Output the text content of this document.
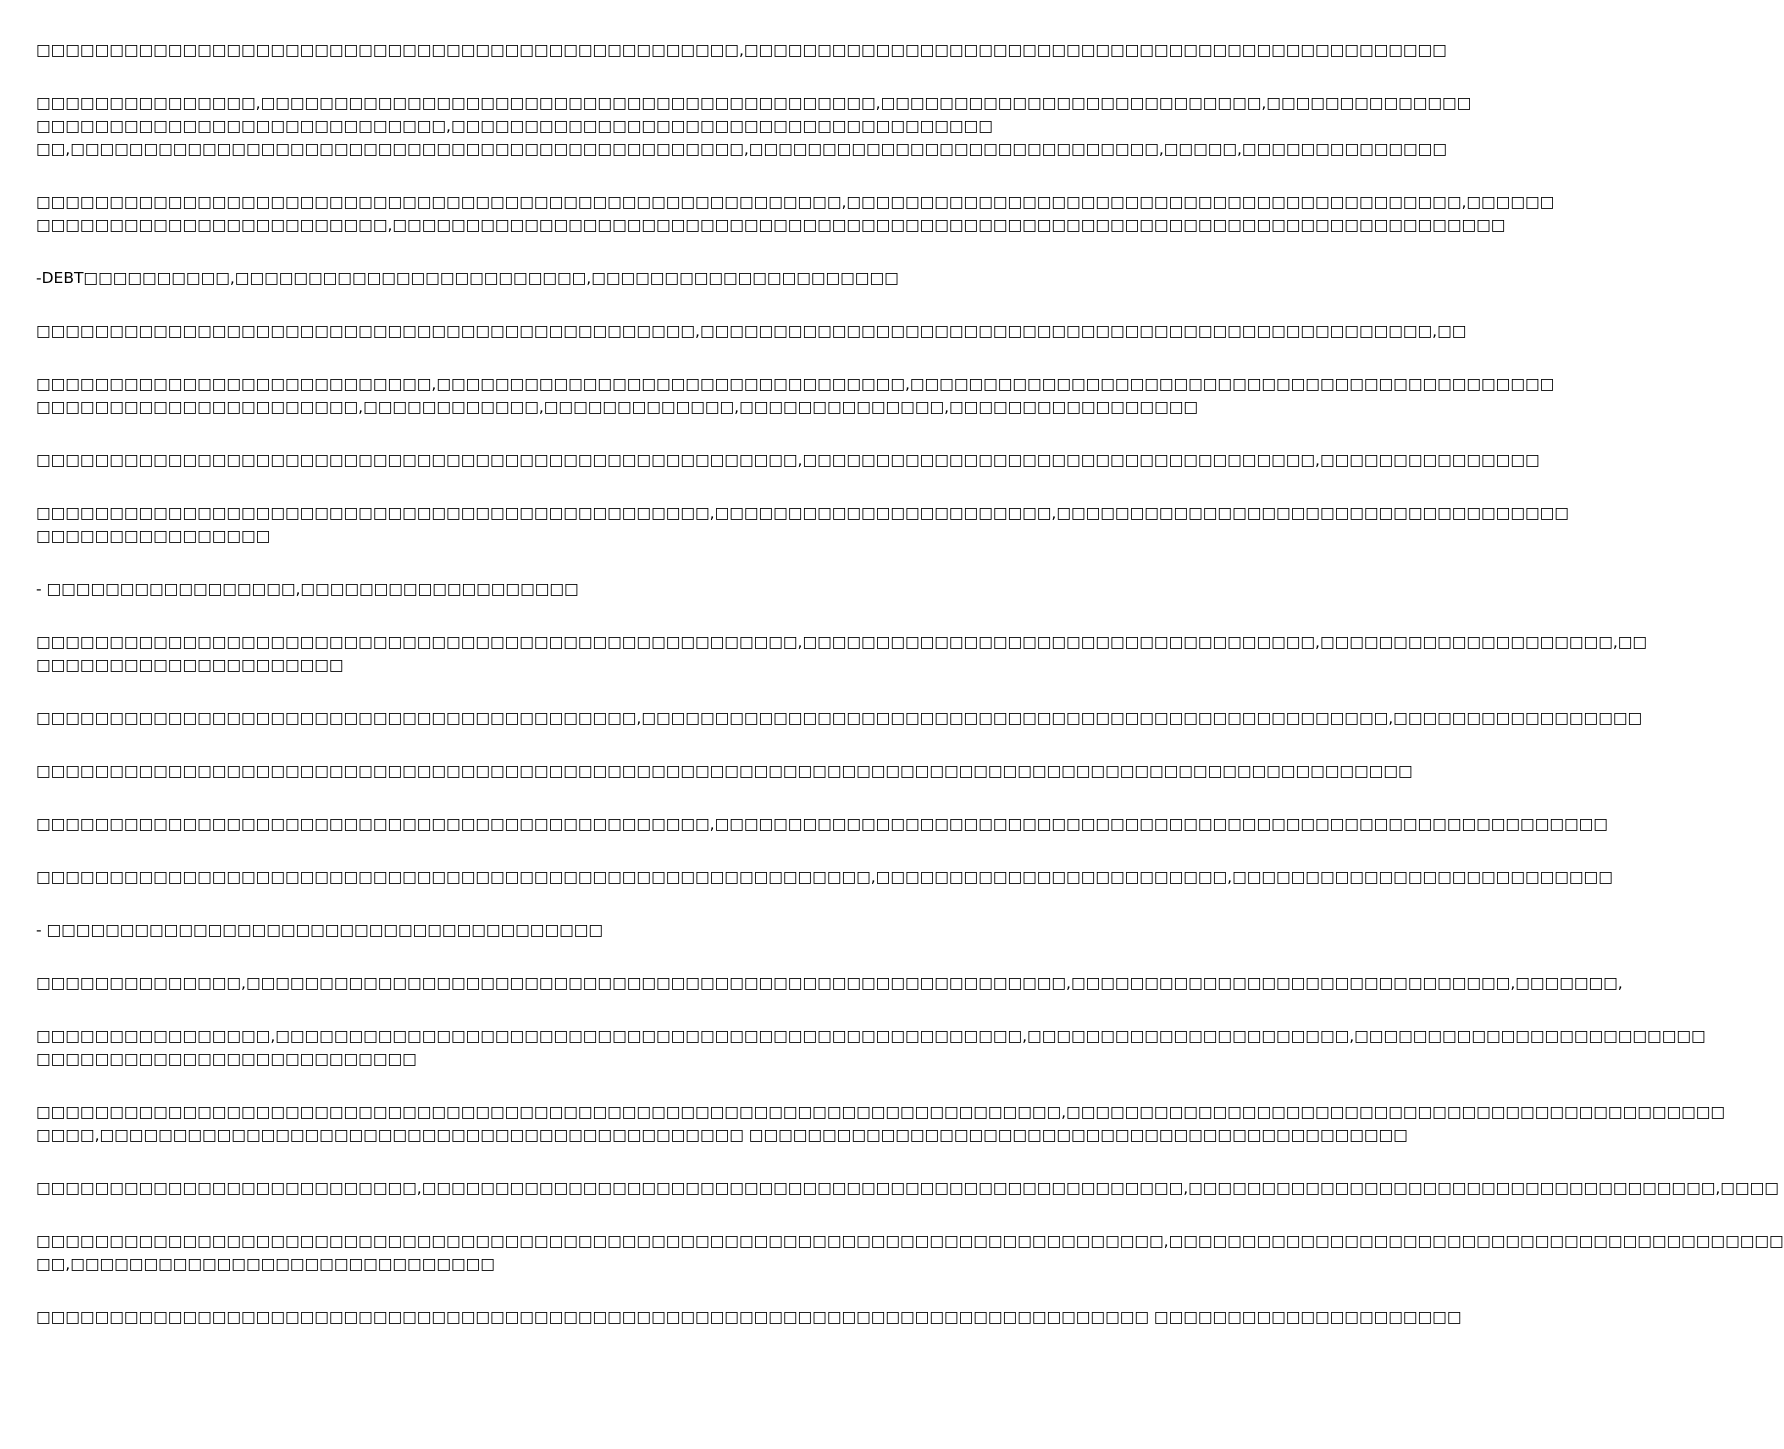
□□□□□□□□□□□□□□□□□□□□□□□□□□□□□□□□□□□□□□□□□□□□□□□□,□□□□□□□□□□□□□□□□□□□□□□□□□□□□□□□□□□□□□□□□□□□□□□□□

□□□□□□□□□□□□□□□,□□□□□□□□□□□□□□□□□□□□□□□□□□□□□□□□□□□□□□□□□□,□□□□□□□□□□□□□□□□□□□□□□□□□□,□□□□□□□□□□□□□□
□□□□□□□□□□□□□□□□□□□□□□□□□□□□,□□□□□□□□□□□□□□□□□□□□□□□□□□□□□□□□□□□□□
□□,□□□□□□□□□□□□□□□□□□□□□□□□□□□□□□□□□□□□□□□□□□□□□□,□□□□□□□□□□□□□□□□□□□□□□□□□□□□,□□□□□,□□□□□□□□□□□□□□

□□□□□□□□□□□□□□□□□□□□□□□□□□□□□□□□□□□□□□□□□□□□□□□□□□□□□□□,□□□□□□□□□□□□□□□□□□□□□□□□□□□□□□□□□□□□□□□□□□,□□□□□□
□□□□□□□□□□□□□□□□□□□□□□□□,□□□□□□□□□□□□□□□□□□□□□□□□□□□□□□□□□□□□□□□□□□□□□□□□□□□□□□□□□□□□□□□□□□□□□□□□□□□□

-DEBT□□□□□□□□□□,□□□□□□□□□□□□□□□□□□□□□□□□,□□□□□□□□□□□□□□□□□□□□□

□□□□□□□□□□□□□□□□□□□□□□□□□□□□□□□□□□□□□□□□□□□□□,□□□□□□□□□□□□□□□□□□□□□□□□□□□□□□□□□□□□□□□□□□□□□□□□□□,□□

□□□□□□□□□□□□□□□□□□□□□□□□□□□,□□□□□□□□□□□□□□□□□□□□□□□□□□□□□□□□,□□□□□□□□□□□□□□□□□□□□□□□□□□□□□□□□□□□□□□□□□□□□
□□□□□□□□□□□□□□□□□□□□□□,□□□□□□□□□□□□,□□□□□□□□□□□□□,□□□□□□□□□□□□□□,□□□□□□□□□□□□□□□□□

□□□□□□□□□□□□□□□□□□□□□□□□□□□□□□□□□□□□□□□□□□□□□□□□□□□□,□□□□□□□□□□□□□□□□□□□□□□□□□□□□□□□□□□□,□□□□□□□□□□□□□□□

□□□□□□□□□□□□□□□□□□□□□□□□□□□□□□□□□□□□□□□□□□□□□□,□□□□□□□□□□□□□□□□□□□□□□□,□□□□□□□□□□□□□□□□□□□□□□□□□□□□□□□□□□□
□□□□□□□□□□□□□□□□

- □□□□□□□□□□□□□□□□□,□□□□□□□□□□□□□□□□□□□

□□□□□□□□□□□□□□□□□□□□□□□□□□□□□□□□□□□□□□□□□□□□□□□□□□□□,□□□□□□□□□□□□□□□□□□□□□□□□□□□□□□□□□□□,□□□□□□□□□□□□□□□□□□□□,□□
□□□□□□□□□□□□□□□□□□□□□

□□□□□□□□□□□□□□□□□□□□□□□□□□□□□□□□□□□□□□□□□,□□□□□□□□□□□□□□□□□□□□□□□□□□□□□□□□□□□□□□□□□□□□□□□□□□□,□□□□□□□□□□□□□□□□□

□□□□□□□□□□□□□□□□□□□□□□□□□□□□□□□□□□□□□□□□□□□□□□□□□□□□□□□□□□□□□□□□□□□□□□□□□□□□□□□□□□□□□□□□□□□□□□

□□□□□□□□□□□□□□□□□□□□□□□□□□□□□□□□□□□□□□□□□□□□□□,□□□□□□□□□□□□□□□□□□□□□□□□□□□□□□□□□□□□□□□□□□□□□□□□□□□□□□□□□□□□□

□□□□□□□□□□□□□□□□□□□□□□□□□□□□□□□□□□□□□□□□□□□□□□□□□□□□□□□□□,□□□□□□□□□□□□□□□□□□□□□□□□,□□□□□□□□□□□□□□□□□□□□□□□□□□

- □□□□□□□□□□□□□□□□□□□□□□□□□□□□□□□□□□□□□□

□□□□□□□□□□□□□□,□□□□□□□□□□□□□□□□□□□□□□□□□□□□□□□□□□□□□□□□□□□□□□□□□□□□□□□□,□□□□□□□□□□□□□□□□□□□□□□□□□□□□□□,□□□□□□□,

□□□□□□□□□□□□□□□□,□□□□□□□□□□□□□□□□□□□□□□□□□□□□□□□□□□□□□□□□□□□□□□□□□□□,□□□□□□□□□□□□□□□□□□□□□□,□□□□□□□□□□□□□□□□□□□□□□□□
□□□□□□□□□□□□□□□□□□□□□□□□□□

□□□□□□□□□□□□□□□□□□□□□□□□□□□□□□□□□□□□□□□□□□□□□□□□□□□□□□□□□□□□□□□□□□□□□□,□□□□□□□□□□□□□□□□□□□□□□□□□□□□□□□□□□□□□□□□□□□□□
□□□□,□□□□□□□□□□□□□□□□□□□□□□□□□□□□□□□□□□□□□□□□□□□□ □□□□□□□□□□□□□□□□□□□□□□□□□□□□□□□□□□□□□□□□□□□□□

□□□□□□□□□□□□□□□□□□□□□□□□□□,□□□□□□□□□□□□□□□□□□□□□□□□□□□□□□□□□□□□□□□□□□□□□□□□□□□□,□□□□□□□□□□□□□□□□□□□□□□□□□□□□□□□□□□□□,□□□□

□□□□□□□□□□□□□□□□□□□□□□□□□□□□□□□□□□□□□□□□□□□□□□□□□□□□□□□□□□□□□□□□□□□□□□□□□□□□□,□□□□□□□□□□□□□□□□□□□□□□□□□□□□□□□□□□□□□□□□□□
□□,□□□□□□□□□□□□□□□□□□□□□□□□□□□□□

□□□□□□□□□□□□□□□□□□□□□□□□□□□□□□□□□□□□□□□□□□□□□□□□□□□□□□□□□□□□□□□□□□□□□□□□□□□□ □□□□□□□□□□□□□□□□□□□□□
